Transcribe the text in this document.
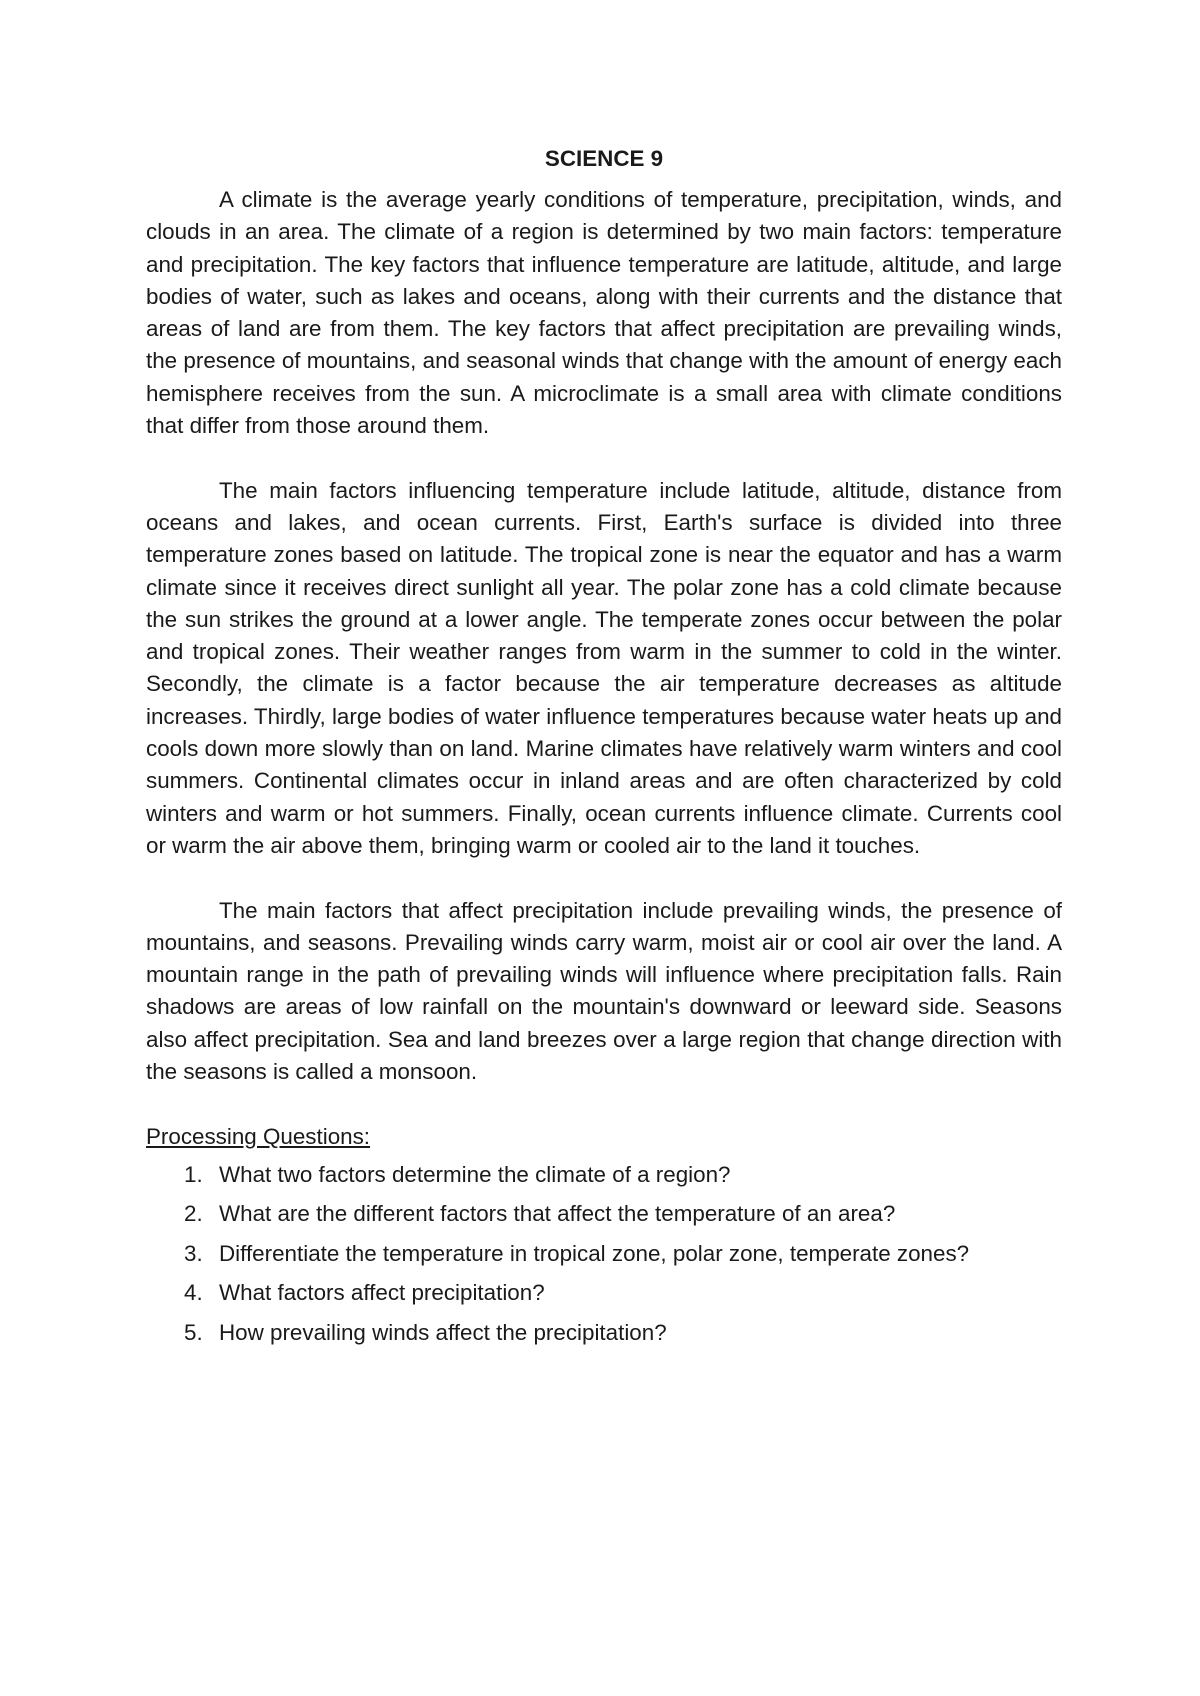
SCIENCE 9

A climate is the average yearly conditions of temperature, precipitation, winds, and clouds in an area. The climate of a region is determined by two main factors: temperature and precipitation. The key factors that influence temperature are latitude, altitude, and large bodies of water, such as lakes and oceans, along with their currents and the distance that areas of land are from them. The key factors that affect precipitation are prevailing winds, the presence of mountains, and seasonal winds that change with the amount of energy each hemisphere receives from the sun. A microclimate is a small area with climate conditions that differ from those around them.

The main factors influencing temperature include latitude, altitude, distance from oceans and lakes, and ocean currents. First, Earth's surface is divided into three temperature zones based on latitude. The tropical zone is near the equator and has a warm climate since it receives direct sunlight all year. The polar zone has a cold climate because the sun strikes the ground at a lower angle. The temperate zones occur between the polar and tropical zones. Their weather ranges from warm in the summer to cold in the winter. Secondly, the climate is a factor because the air temperature decreases as altitude increases. Thirdly, large bodies of water influence temperatures because water heats up and cools down more slowly than on land. Marine climates have relatively warm winters and cool summers. Continental climates occur in inland areas and are often characterized by cold winters and warm or hot summers. Finally, ocean currents influence climate. Currents cool or warm the air above them, bringing warm or cooled air to the land it touches.

The main factors that affect precipitation include prevailing winds, the presence of mountains, and seasons. Prevailing winds carry warm, moist air or cool air over the land. A mountain range in the path of prevailing winds will influence where precipitation falls. Rain shadows are areas of low rainfall on the mountain's downward or leeward side. Seasons also affect precipitation. Sea and land breezes over a large region that change direction with the seasons is called a monsoon.

Processing Questions:
1. What two factors determine the climate of a region?
2. What are the different factors that affect the temperature of an area?
3. Differentiate the temperature in tropical zone, polar zone, temperate zones?
4. What factors affect precipitation?
5. How prevailing winds affect the precipitation?
